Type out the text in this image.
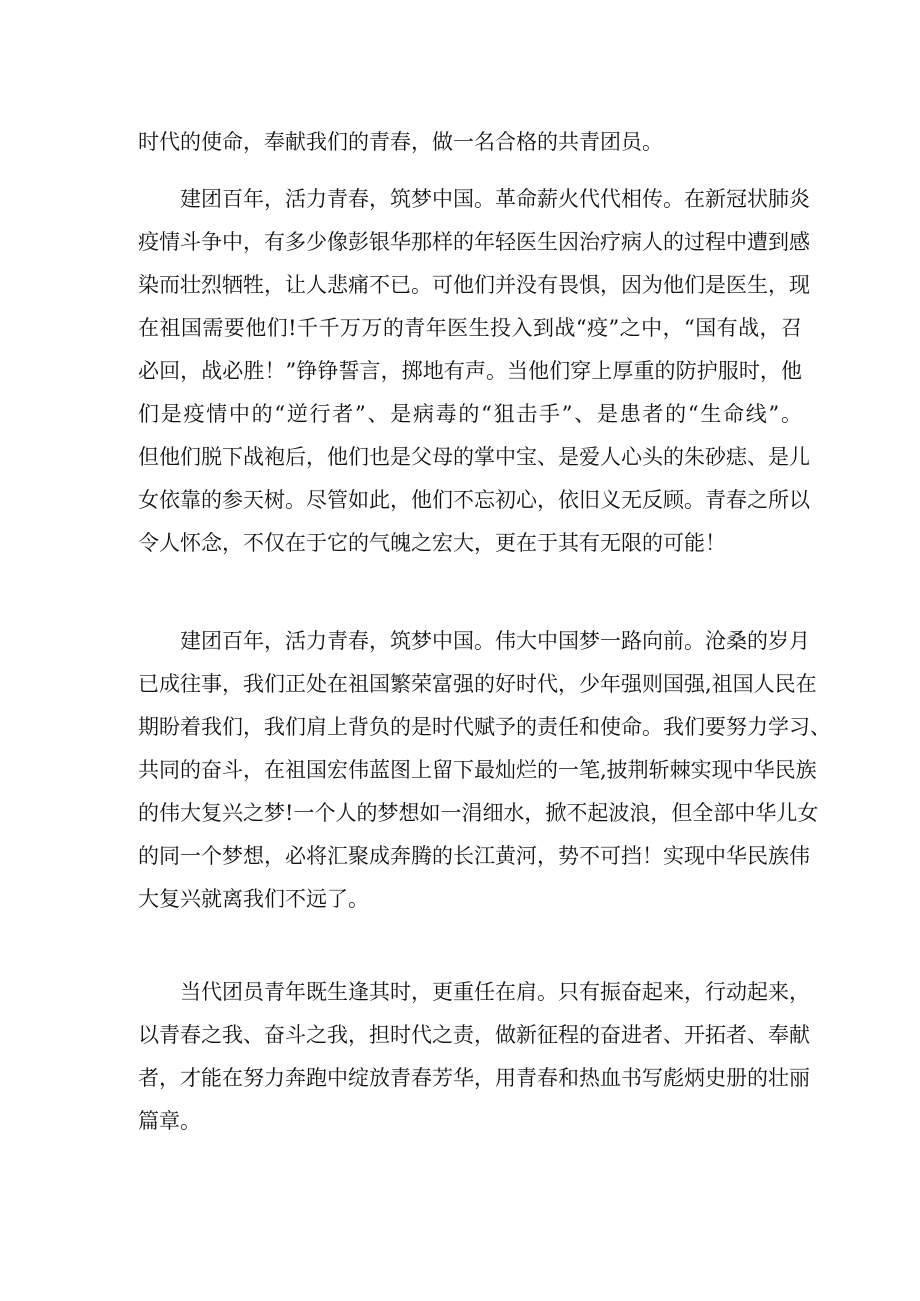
时代的使命，奉献我们的青春，做一名合格的共青团员。
建团百年，活力青春，筑梦中国。革命薪火代代相传。在新冠状肺炎
疫情斗争中，有多少像彭银华那样的年轻医生因治疗病人的过程中遭到感
染而壮烈牺牲，让人悲痛不已。可他们并没有畏惧，因为他们是医生，现
在祖国需要他们!千千万万的青年医生投入到战“疫”之中，“国有战，召
必回，战必胜！”铮铮誓言，掷地有声。当他们穿上厚重的防护服时，他
们是疫情中的“逆行者”、是病毒的“狙击手”、是患者的“生命线”。
但他们脱下战袍后，他们也是父母的掌中宝、是爱人心头的朱砂痣、是儿
女依靠的参天树。尽管如此，他们不忘初心，依旧义无反顾。青春之所以
令人怀念，不仅在于它的气魄之宏大，更在于其有无限的可能！
建团百年，活力青春，筑梦中国。伟大中国梦一路向前。沧桑的岁月
已成往事，我们正处在祖国繁荣富强的好时代，少年强则国强,祖国人民在
期盼着我们，我们肩上背负的是时代赋予的责任和使命。我们要努力学习、
共同的奋斗，在祖国宏伟蓝图上留下最灿烂的一笔,披荆斩棘实现中华民族
的伟大复兴之梦!一个人的梦想如一涓细水，掀不起波浪，但全部中华儿女
的同一个梦想，必将汇聚成奔腾的长江黄河，势不可挡！实现中华民族伟
大复兴就离我们不远了。
当代团员青年既生逢其时，更重任在肩。只有振奋起来，行动起来，
以青春之我、奋斗之我，担时代之责，做新征程的奋进者、开拓者、奉献
者，才能在努力奔跑中绽放青春芳华，用青春和热血书写彪炳史册的壮丽
篇章。
